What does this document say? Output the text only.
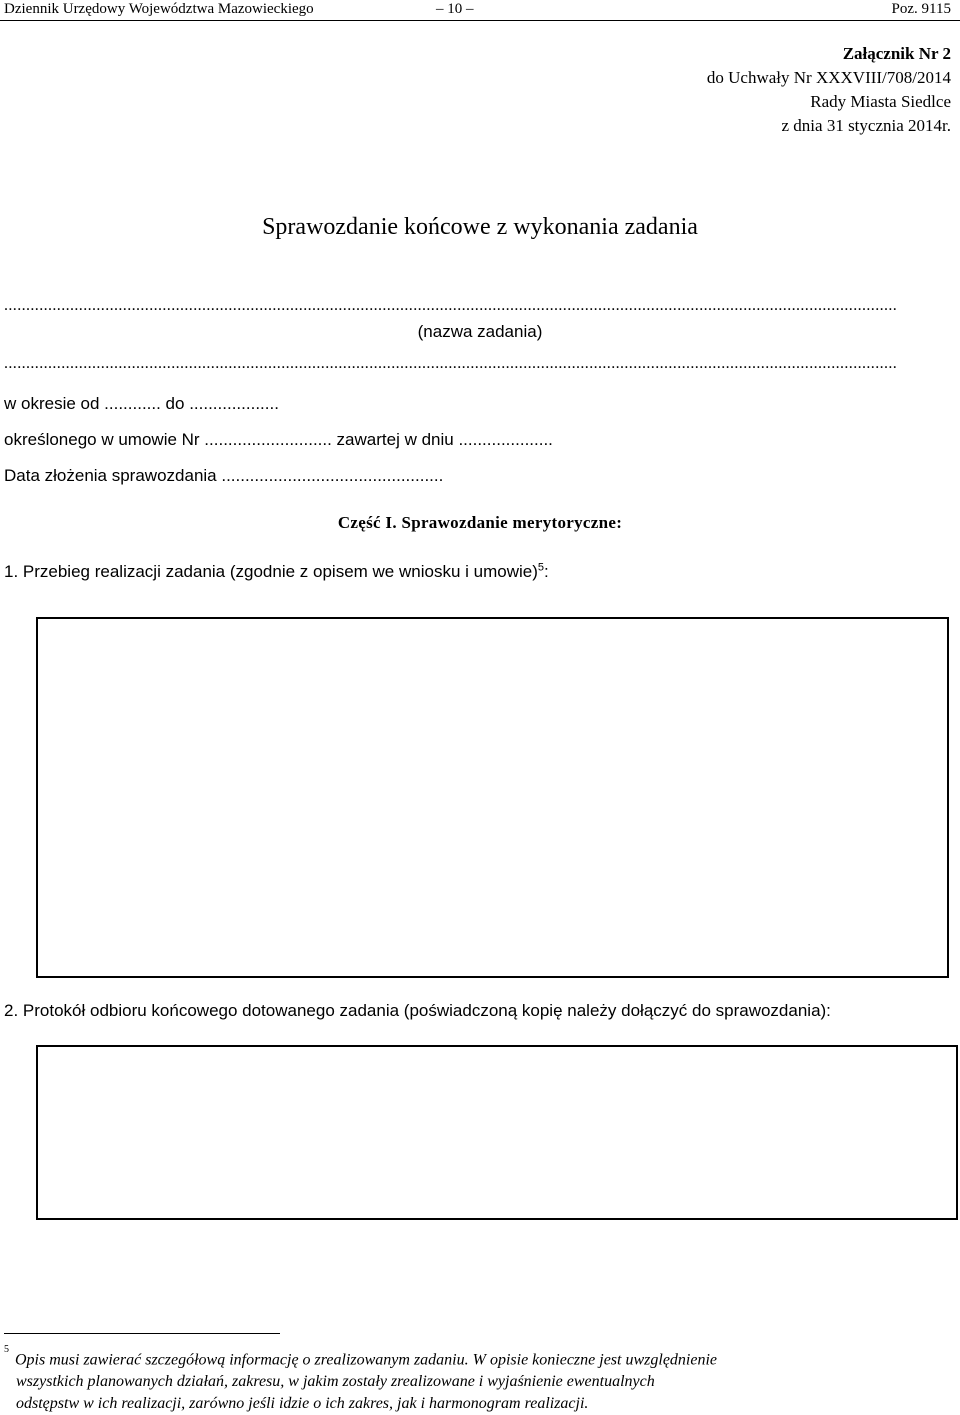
Dziennik Urzędowy Województwa Mazowieckiego	– 10 –	Poz. 9115
Załącznik Nr 2
do Uchwały Nr XXXVIII/708/2014
Rady Miasta Siedlce
z dnia 31 stycznia 2014r.
Sprawozdanie końcowe z wykonania zadania
...........................................................................................................................................................................................................
(nazwa zadania)
...........................................................................................................................................................................................................
w okresie od ............ do ...................
określonego w umowie Nr ........................... zawartej w dniu ....................
Data złożenia sprawozdania ...............................................
Część I. Sprawozdanie merytoryczne:
1. Przebieg realizacji zadania (zgodnie z opisem we wniosku i umowie)$^5$:
2. Protokół odbioru końcowego dotowanego zadania (poświadczoną kopię należy dołączyć do sprawozdania):
$^5$Opis musi zawierać szczegółową informację o zrealizowanym zadaniu. W opisie konieczne jest uwzględnienie
wszystkich planowanych działań, zakresu, w jakim zostały zrealizowane i wyjaśnienie ewentualnych
odstępstw w ich realizacji, zarówno jeśli idzie o ich zakres, jak i harmonogram realizacji.
